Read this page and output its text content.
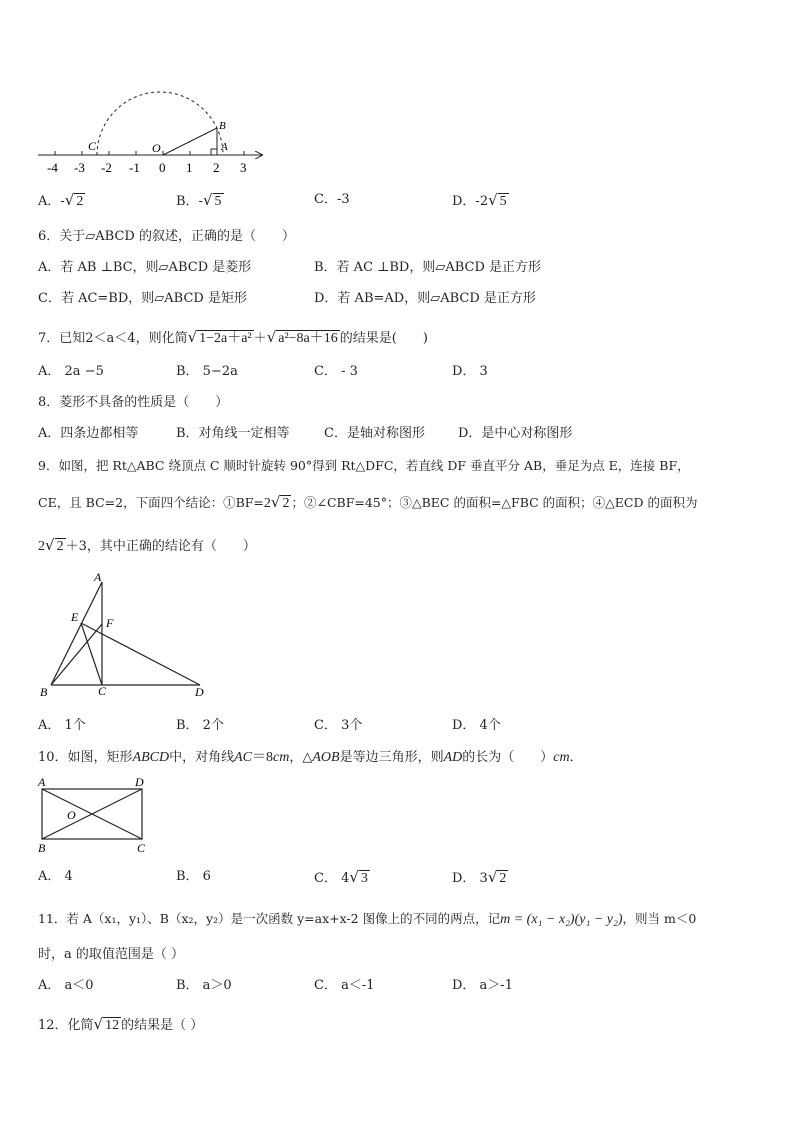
C	O
B
A
-4 -3 -2 -1 0 1 2 3
A．-√ 2	B．-√ 5	C．-3	D．-2√ 5
6．关于▱ABCD 的叙述，正确的是（　　）
A．若 AB ⊥BC，则▱ABCD 是菱形	B．若 AC ⊥BD，则▱ABCD 是正方形
C．若 AC=BD，则▱ABCD 是矩形	D．若 AB=AD，则▱ABCD 是正方形
7．已知2＜a＜4，则化简√ 1−2a＋a² ＋√ a²−8a＋16 的结果是(　　)
A． 2a −5	B． 5−2a	C． - 3	D． 3
8．菱形不具备的性质是（　　）
A．四条边都相等	B．对角线一定相等	C．是轴对称图形	D．是中心对称图形
9．如图，把 Rt△ABC 绕顶点 C 顺时针旋转 90°得到 Rt△DFC，若直线 DF 垂直平分 AB，垂足为点 E，连接 BF，
CE，且 BC=2，下面四个结论：①BF=2√ 2 ；②∠CBF=45°；③△BEC 的面积=△FBC 的面积；④△ECD 的面积为
2√ 2 ＋3，其中正确的结论有（　　）
A
E F
B	C	D
A． 1个	B． 2个	C． 3个	D． 4个
10．如图，矩形ABCD中，对角线AC＝8cm，△AOB是等边三角形，则AD的长为（　　）cm．
A	D
O
B	C
A． 4	B． 6	C． 4√ 3	D． 3√ 2
11．若 A（x₁，y₁）、B（x₂，y₂）是一次函数 y=ax+x-2 图像上的不同的两点，记m = (x₁ − x₂)(y₁ − y₂)，则当 m＜0
时，a 的取值范围是（ ）
A． a＜0	B． a＞0	C． a＜-1	D． a＞-1
12．化简√ 12 的结果是（ ）
